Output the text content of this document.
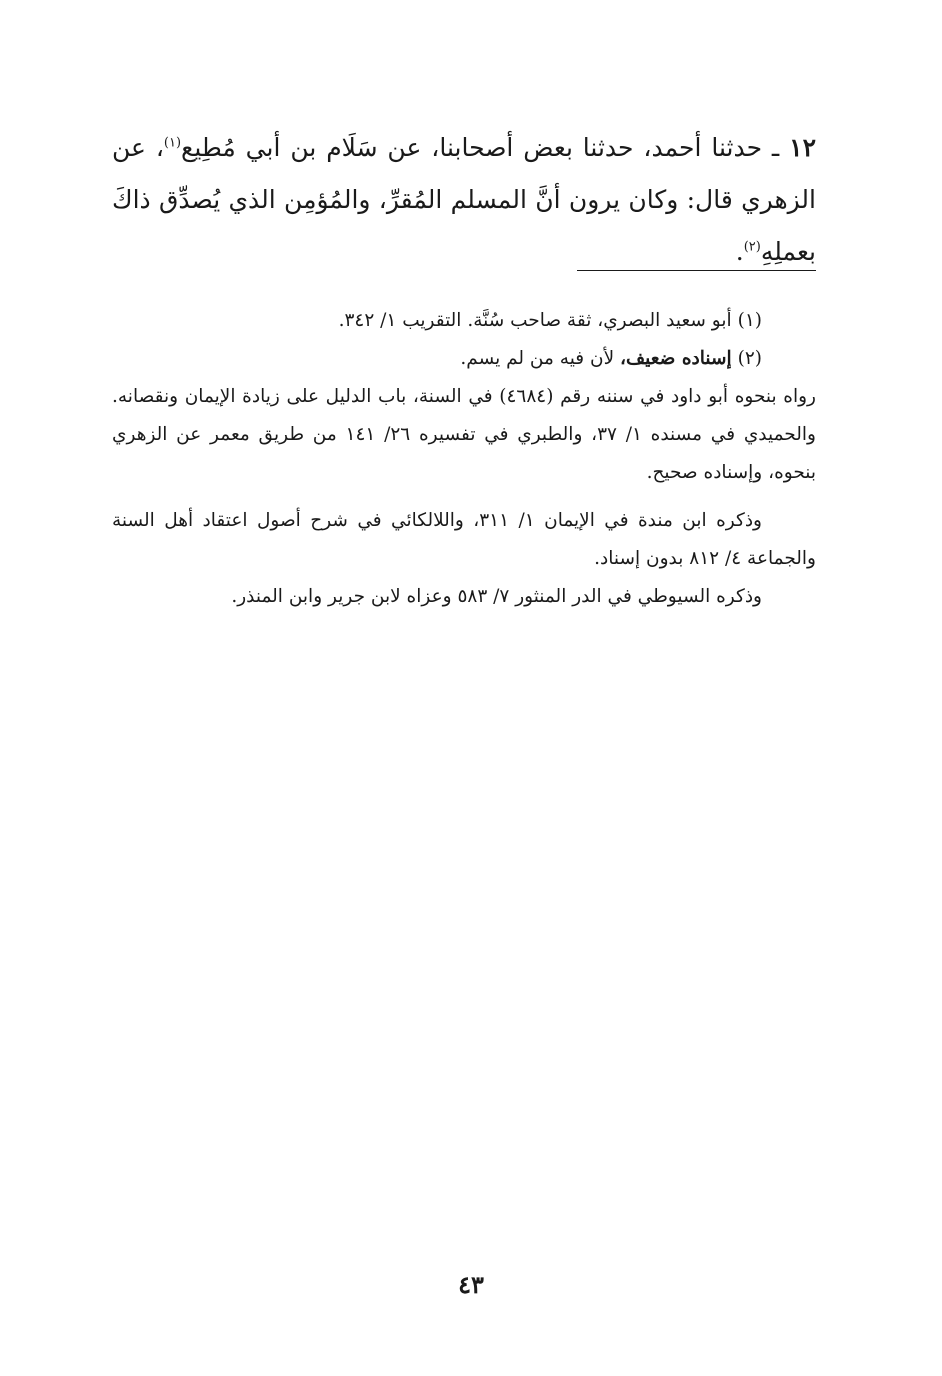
١٢ ـ حدثنا أحمد، حدثنا بعض أصحابنا، عن سَلَام بن أبي مُطِيع$^{(١)}$، عن الزهري قال: وكان يرون أنَّ المسلم المُقرِّ، والمُؤمِن الذي يُصدِّق ذاكَ بعملِهِ$^{(٢)}$.
(١)أبو سعيد البصري، ثقة صاحب سُنَّة. التقريب ١/ ٣٤٢.
(٢)إسناده ضعيف، لأن فيه من لم يسم.
رواه بنحوه أبو داود في سننه رقم (٤٦٨٤) في السنة، باب الدليل على زيادة الإيمان ونقصانه. والحميدي في مسنده ١/ ٣٧، والطبري في تفسيره ٢٦/ ١٤١ من طريق معمر عن الزهري بنحوه، وإسناده صحيح.
وذكره ابن مندة في الإيمان ١/ ٣١١، واللالكائي في شرح أصول اعتقاد أهل السنة والجماعة ٤/ ٨١٢ بدون إسناد.
وذكره السيوطي في الدر المنثور ٧/ ٥٨٣ وعزاه لابن جرير وابن المنذر.
٤٣
